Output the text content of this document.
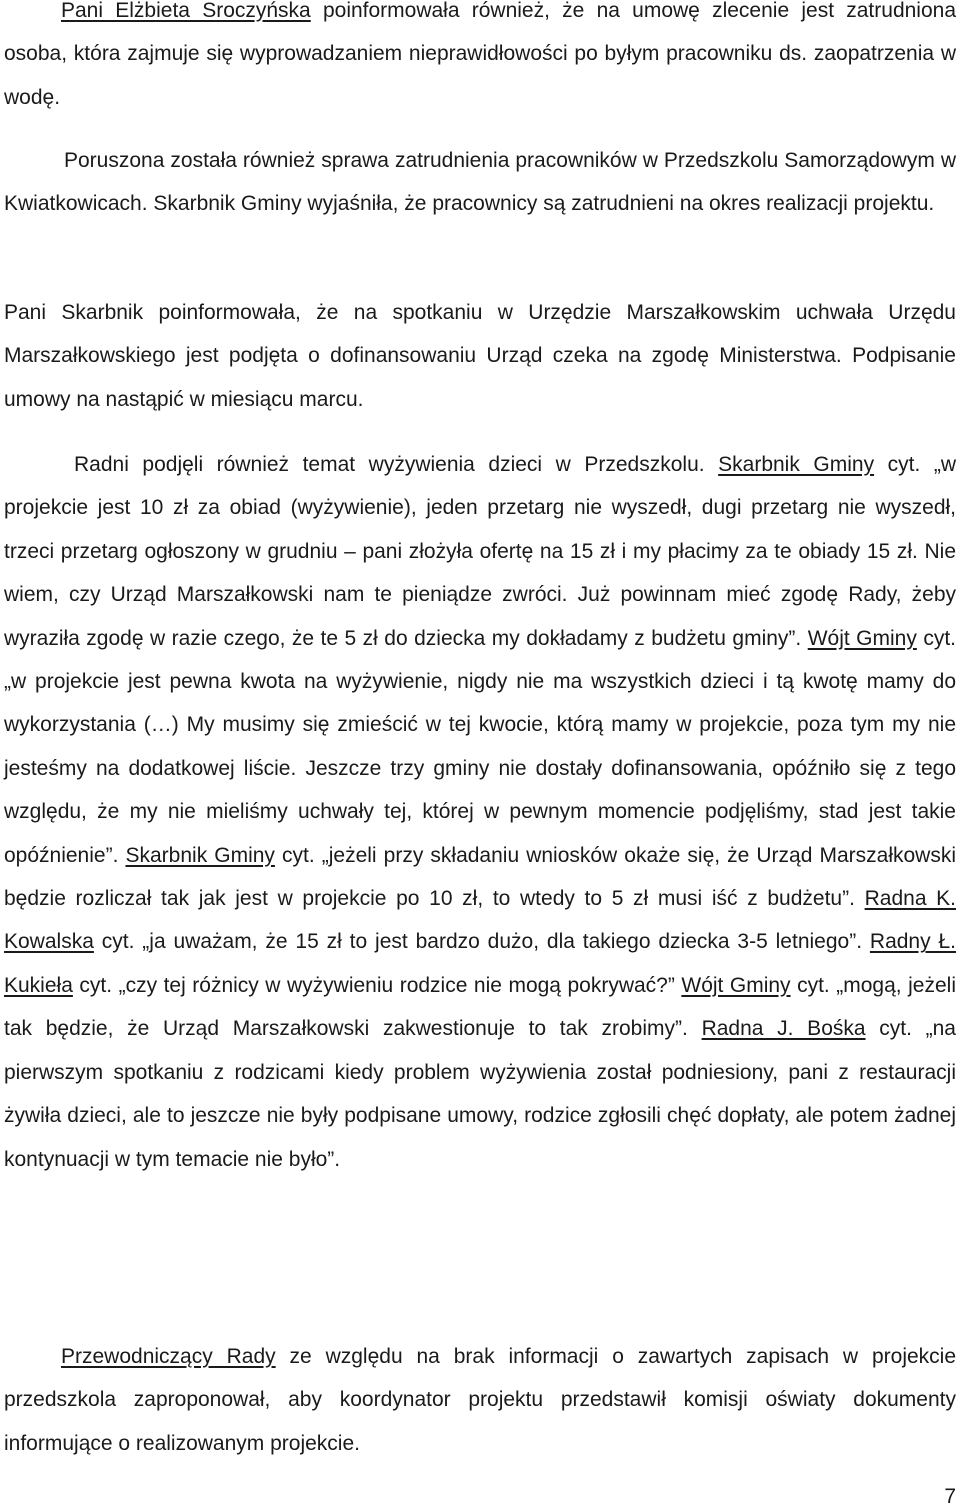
Pani Elżbieta Sroczyńska poinformowała również, że na umowę zlecenie jest zatrudniona osoba, która zajmuje się wyprowadzaniem nieprawidłowości po byłym pracowniku ds. zaopatrzenia w wodę.

Poruszona została również sprawa zatrudnienia pracowników w Przedszkolu Samorządowym w Kwiatkowicach. Skarbnik Gminy wyjaśniła, że pracownicy są zatrudnieni na okres realizacji projektu.

Pani Skarbnik poinformowała, że na spotkaniu w Urzędzie Marszałkowskim uchwała Urzędu Marszałkowskiego jest podjęta o dofinansowaniu Urząd czeka na zgodę Ministerstwa. Podpisanie umowy na nastąpić w miesiącu marcu.

Radni podjęli również temat wyżywienia dzieci w Przedszkolu. Skarbnik Gminy cyt. „w projekcie jest 10 zł za obiad (wyżywienie), jeden przetarg nie wyszedł, dugi przetarg nie wyszedł, trzeci przetarg ogłoszony w grudniu – pani złożyła ofertę na 15 zł i my płacimy za te obiady 15 zł. Nie wiem, czy Urząd Marszałkowski nam te pieniądze zwróci. Już powinnam mieć zgodę Rady, żeby wyraziła zgodę w razie czego, że te 5 zł do dziecka my dokładamy z budżetu gminy”. Wójt Gminy cyt. „w projekcie jest pewna kwota na wyżywienie, nigdy nie ma wszystkich dzieci i tą kwotę mamy do wykorzystania (…) My musimy się zmieścić w tej kwocie, którą mamy w projekcie, poza tym my nie jesteśmy na dodatkowej liście. Jeszcze trzy gminy nie dostały dofinansowania, opóźniło się z tego względu, że my nie mieliśmy uchwały tej, której w pewnym momencie podjęliśmy, stad jest takie opóźnienie”. Skarbnik Gminy cyt. „jeżeli przy składaniu wniosków okaże się, że Urząd Marszałkowski będzie rozliczał tak jak jest w projekcie po 10 zł, to wtedy to 5 zł musi iść z budżetu”. Radna K. Kowalska cyt. „ja uważam, że 15 zł to jest bardzo dużo, dla takiego dziecka 3-5 letniego”. Radny Ł. Kukieła cyt. „czy tej różnicy w wyżywieniu rodzice nie mogą pokrywać?” Wójt Gminy cyt. „mogą, jeżeli tak będzie, że Urząd Marszałkowski zakwestionuje to tak zrobimy”. Radna J. Bośka cyt. „na pierwszym spotkaniu z rodzicami kiedy problem wyżywienia został podniesiony, pani z restauracji żywiła dzieci, ale to jeszcze nie były podpisane umowy, rodzice zgłosili chęć dopłaty, ale potem żadnej kontynuacji w tym temacie nie było”.

Przewodniczący Rady ze względu na brak informacji o zawartych zapisach w projekcie przedszkola zaproponował, aby koordynator projektu przedstawił komisji oświaty dokumenty informujące o realizowanym projekcie.

7
